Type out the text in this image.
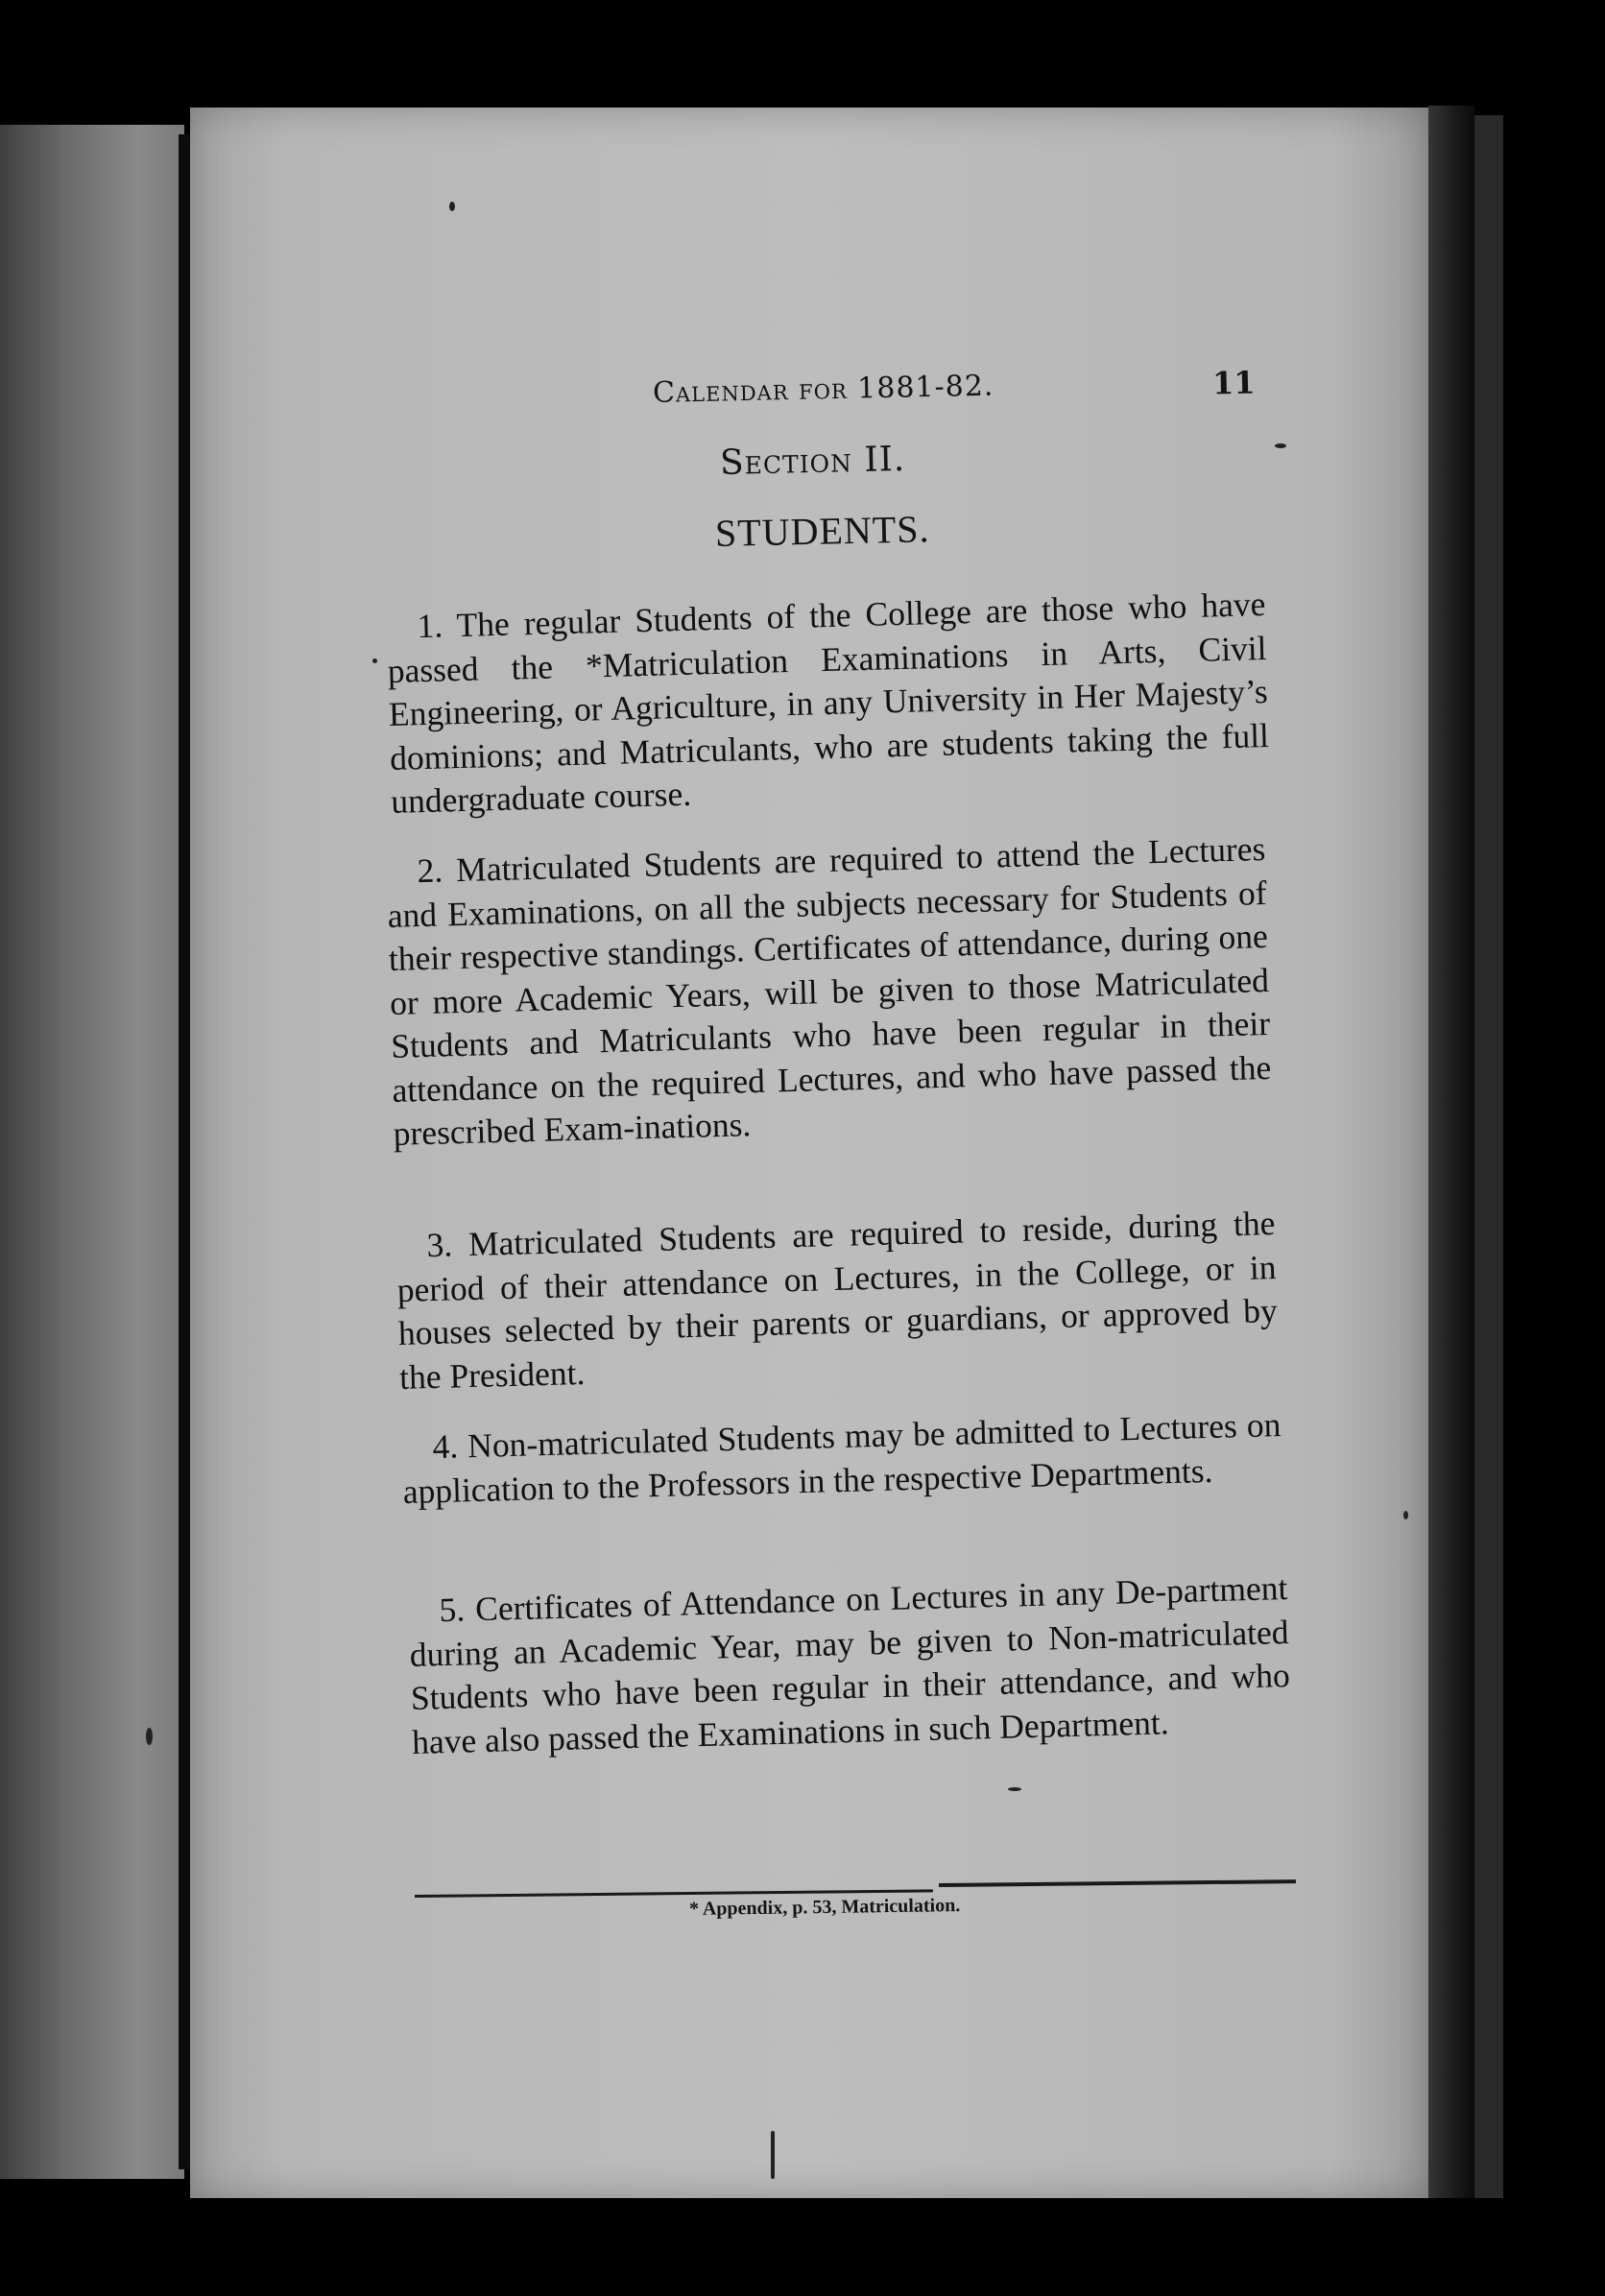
Calendar for 1881-82.	11
Section II.
STUDENTS.

1. The regular Students of the College are those who have passed the *Matriculation Examinations in Arts, Civil Engineering, or Agriculture, in any University in Her Majesty’s dominions; and Matriculants, who are students taking the full undergraduate course.

2. Matriculated Students are required to attend the Lectures and Examinations, on all the subjects necessary for Students of their respective standings. Certificates of attendance, during one or more Academic Years, will be given to those Matriculated Students and Matriculants who have been regular in their attendance on the required Lectures, and who have passed the prescribed Exam-inations.

3. Matriculated Students are required to reside, during the period of their attendance on Lectures, in the College, or in houses selected by their parents or guardians, or approved by the President.

4. Non-matriculated Students may be admitted to Lectures on application to the Professors in the respective Departments.

5. Certificates of Attendance on Lectures in any De-partment during an Academic Year, may be given to Non-matriculated Students who have been regular in their attendance, and who have also passed the Examinations in such Department.

* Appendix, p. 53, Matriculation.
